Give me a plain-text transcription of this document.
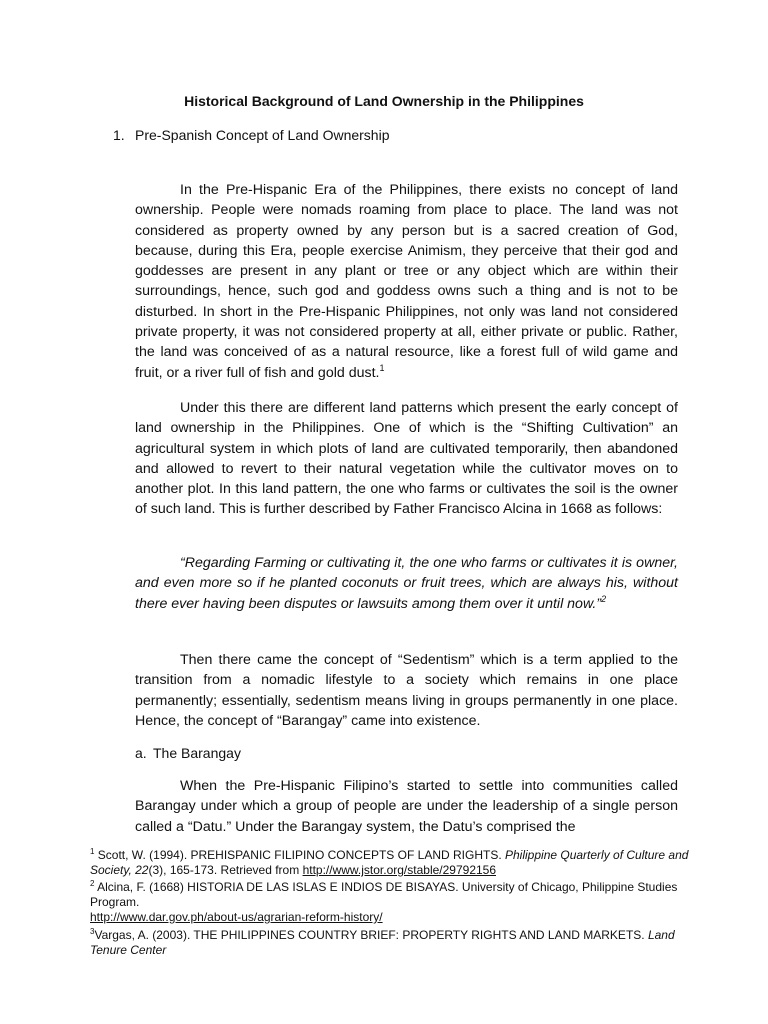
Historical Background of Land Ownership in the Philippines
1. Pre-Spanish Concept of Land Ownership

In the Pre-Hispanic Era of the Philippines, there exists no concept of land ownership. People were nomads roaming from place to place. The land was not considered as property owned by any person but is a sacred creation of God, because, during this Era, people exercise Animism, they perceive that their god and goddesses are present in any plant or tree or any object which are within their surroundings, hence, such god and goddess owns such a thing and is not to be disturbed. In short in the Pre-Hispanic Philippines, not only was land not considered private property, it was not considered property at all, either private or public. Rather, the land was conceived of as a natural resource, like a forest full of wild game and fruit, or a river full of fish and gold dust.$^1$

Under this there are different land patterns which present the early concept of land ownership in the Philippines. One of which is the “Shifting Cultivation” an agricultural system in which plots of land are cultivated temporarily, then abandoned and allowed to revert to their natural vegetation while the cultivator moves on to another plot. In this land pattern, the one who farms or cultivates the soil is the owner of such land. This is further described by Father Francisco Alcina in 1668 as follows:

“Regarding Farming or cultivating it, the one who farms or cultivates it is owner, and even more so if he planted coconuts or fruit trees, which are always his, without there ever having been disputes or lawsuits among them over it until now.”$^2$

Then there came the concept of “Sedentism” which is a term applied to the transition from a nomadic lifestyle to a society which remains in one place permanently; essentially, sedentism means living in groups permanently in one place. Hence, the concept of “Barangay” came into existence.

a. The Barangay

When the Pre-Hispanic Filipino’s started to settle into communities called Barangay under which a group of people are under the leadership of a single person called a “Datu.” Under the Barangay system, the Datu’s comprised the

$^1$ Scott, W. (1994). PREHISPANIC FILIPINO CONCEPTS OF LAND RIGHTS. Philippine Quarterly of Culture and Society, 22(3), 165-173. Retrieved from http://www.jstor.org/stable/29792156

$^2$ Alcina, F. (1668) HISTORIA DE LAS ISLAS E INDIOS DE BISAYAS. University of Chicago, Philippine Studies Program.
http://www.dar.gov.ph/about-us/agrarian-reform-history/

$^3$Vargas, A. (2003). THE PHILIPPINES COUNTRY BRIEF: PROPERTY RIGHTS AND LAND MARKETS. Land Tenure Center
